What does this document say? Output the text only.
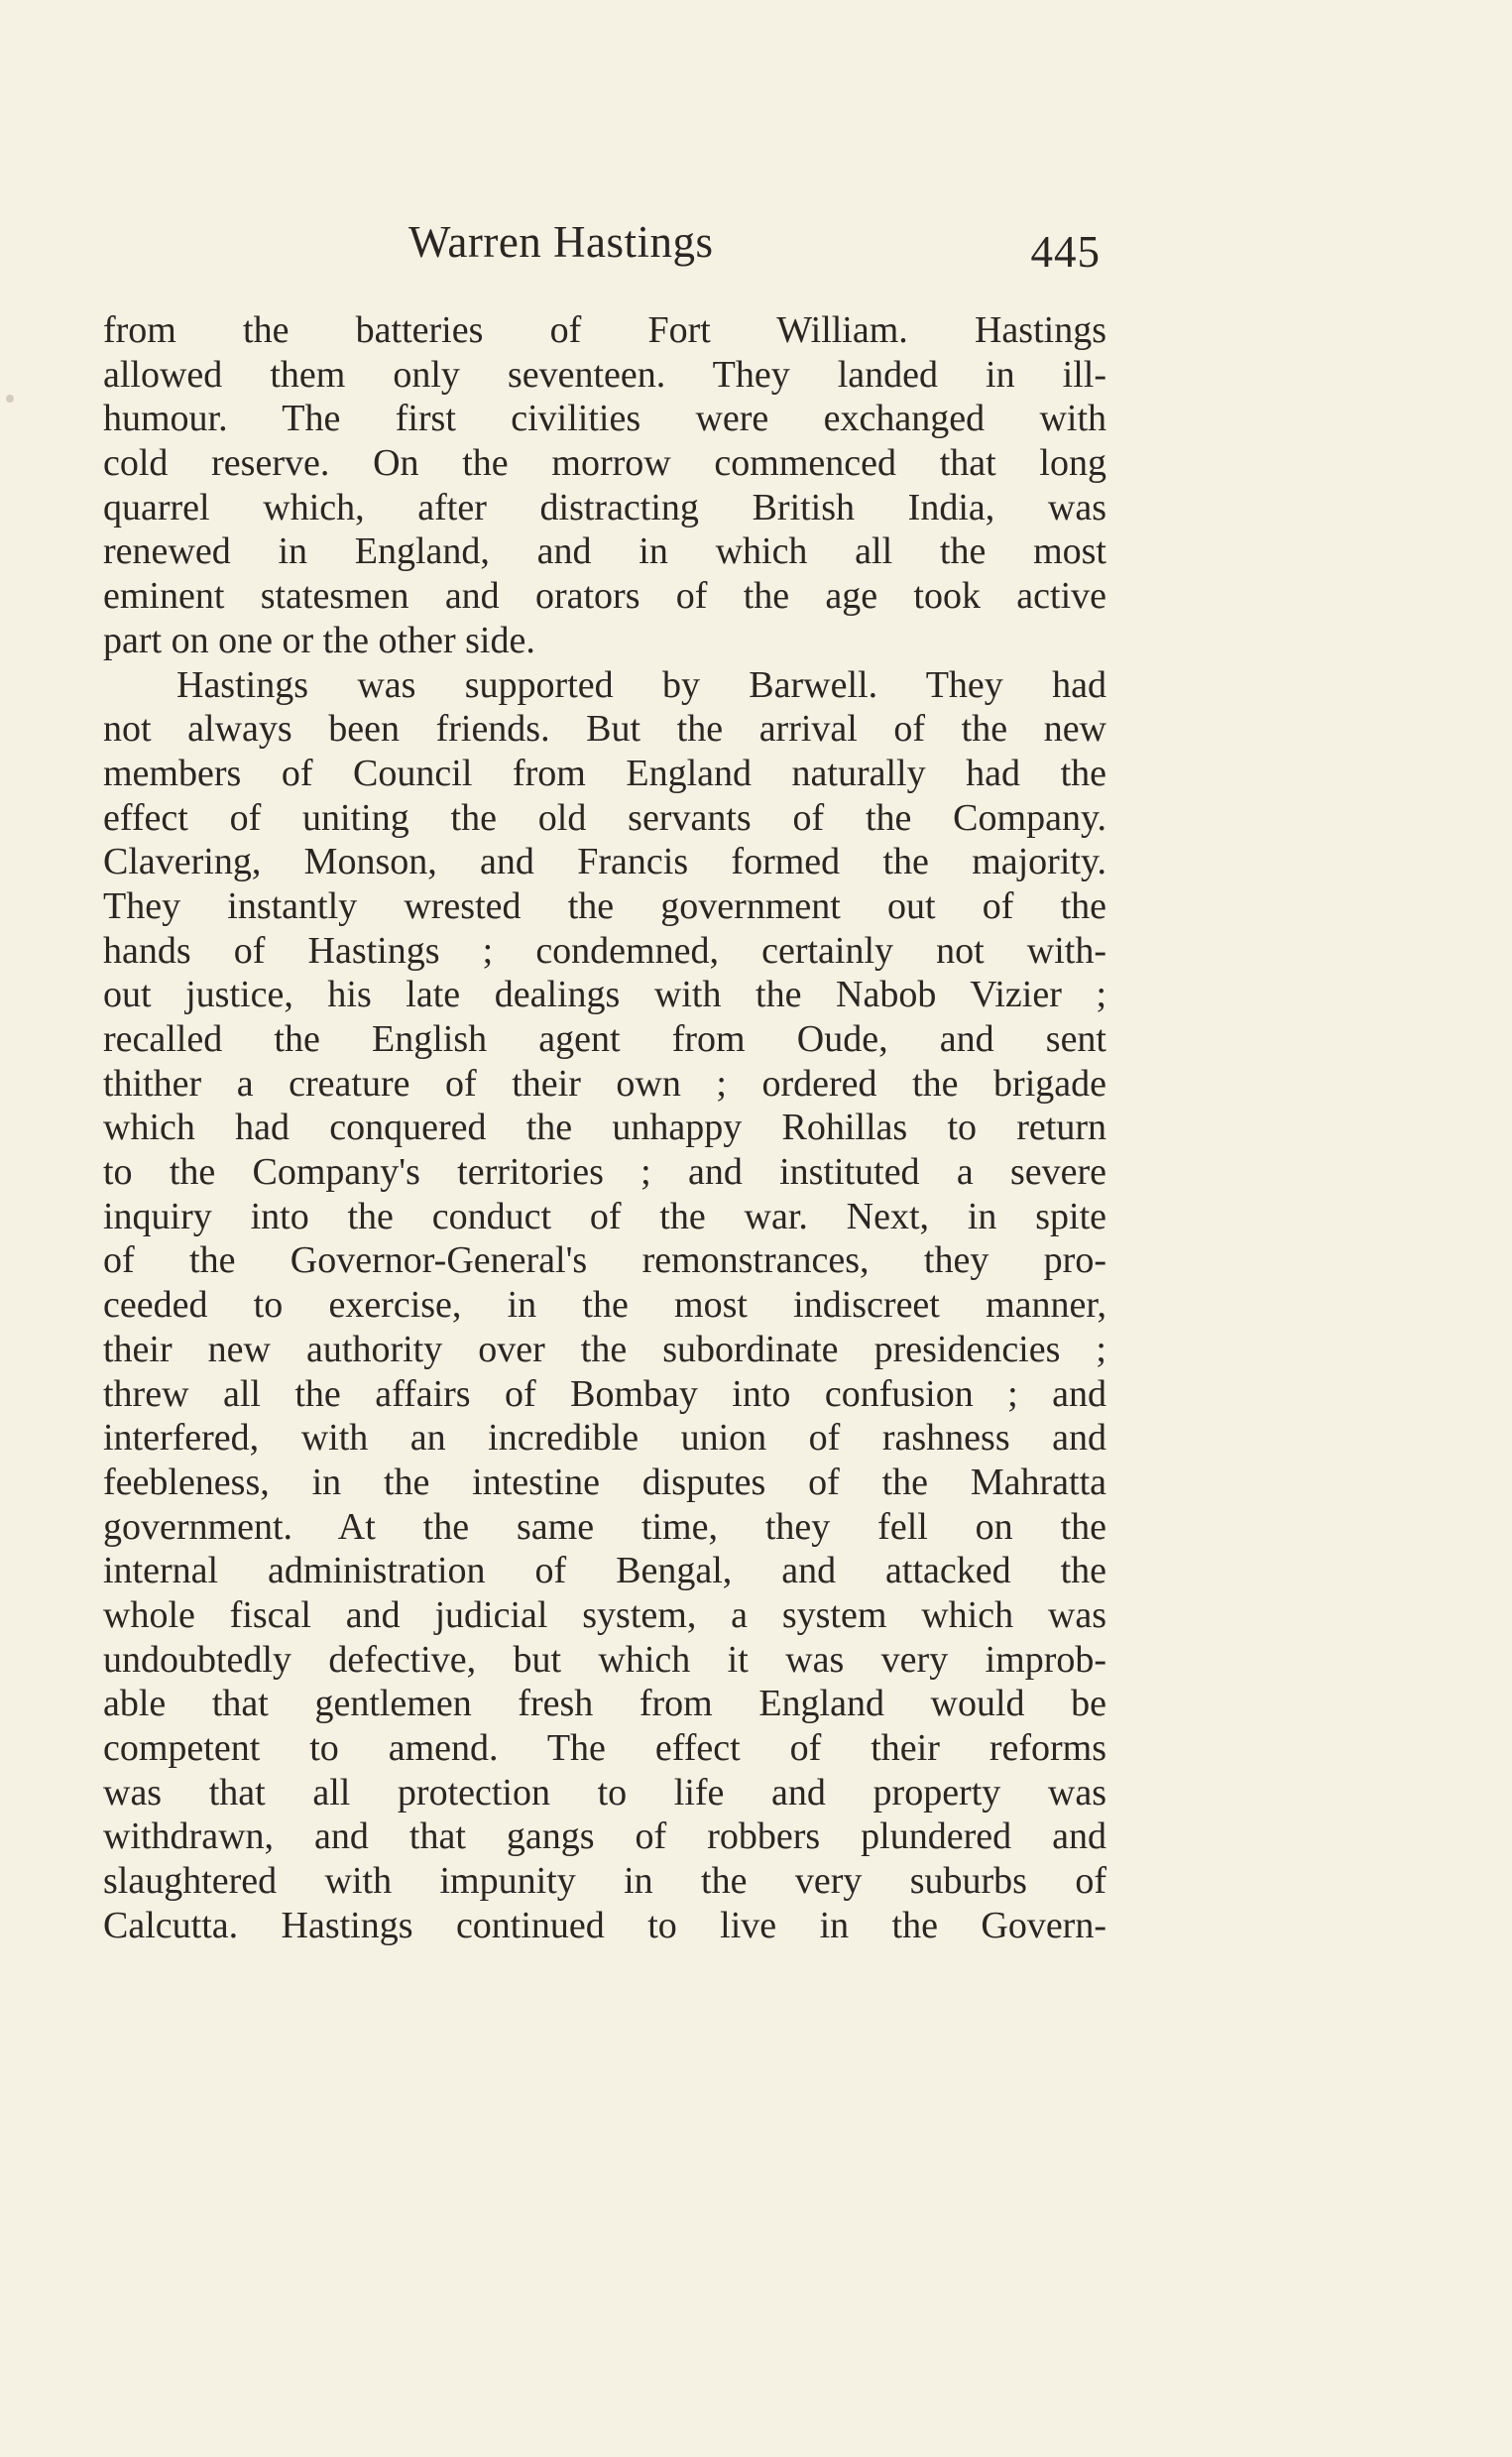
Warren Hastings	445
from the batteries of Fort William. Hastings
allowed them only seventeen. They landed in ill-
humour. The first civilities were exchanged with
cold reserve. On the morrow commenced that long
quarrel which, after distracting British India, was
renewed in England, and in which all the most
eminent statesmen and orators of the age took active
part on one or the other side.
Hastings was supported by Barwell. They had
not always been friends. But the arrival of the new
members of Council from England naturally had the
effect of uniting the old servants of the Company.
Clavering, Monson, and Francis formed the majority.
They instantly wrested the government out of the
hands of Hastings ; condemned, certainly not with-
out justice, his late dealings with the Nabob Vizier ;
recalled the English agent from Oude, and sent
thither a creature of their own ; ordered the brigade
which had conquered the unhappy Rohillas to return
to the Company's territories ; and instituted a severe
inquiry into the conduct of the war. Next, in spite
of the Governor-General's remonstrances, they pro-
ceeded to exercise, in the most indiscreet manner,
their new authority over the subordinate presidencies ;
threw all the affairs of Bombay into confusion ; and
interfered, with an incredible union of rashness and
feebleness, in the intestine disputes of the Mahratta
government. At the same time, they fell on the
internal administration of Bengal, and attacked the
whole fiscal and judicial system, a system which was
undoubtedly defective, but which it was very improb-
able that gentlemen fresh from England would be
competent to amend. The effect of their reforms
was that all protection to life and property was
withdrawn, and that gangs of robbers plundered and
slaughtered with impunity in the very suburbs of
Calcutta. Hastings continued to live in the Govern-
